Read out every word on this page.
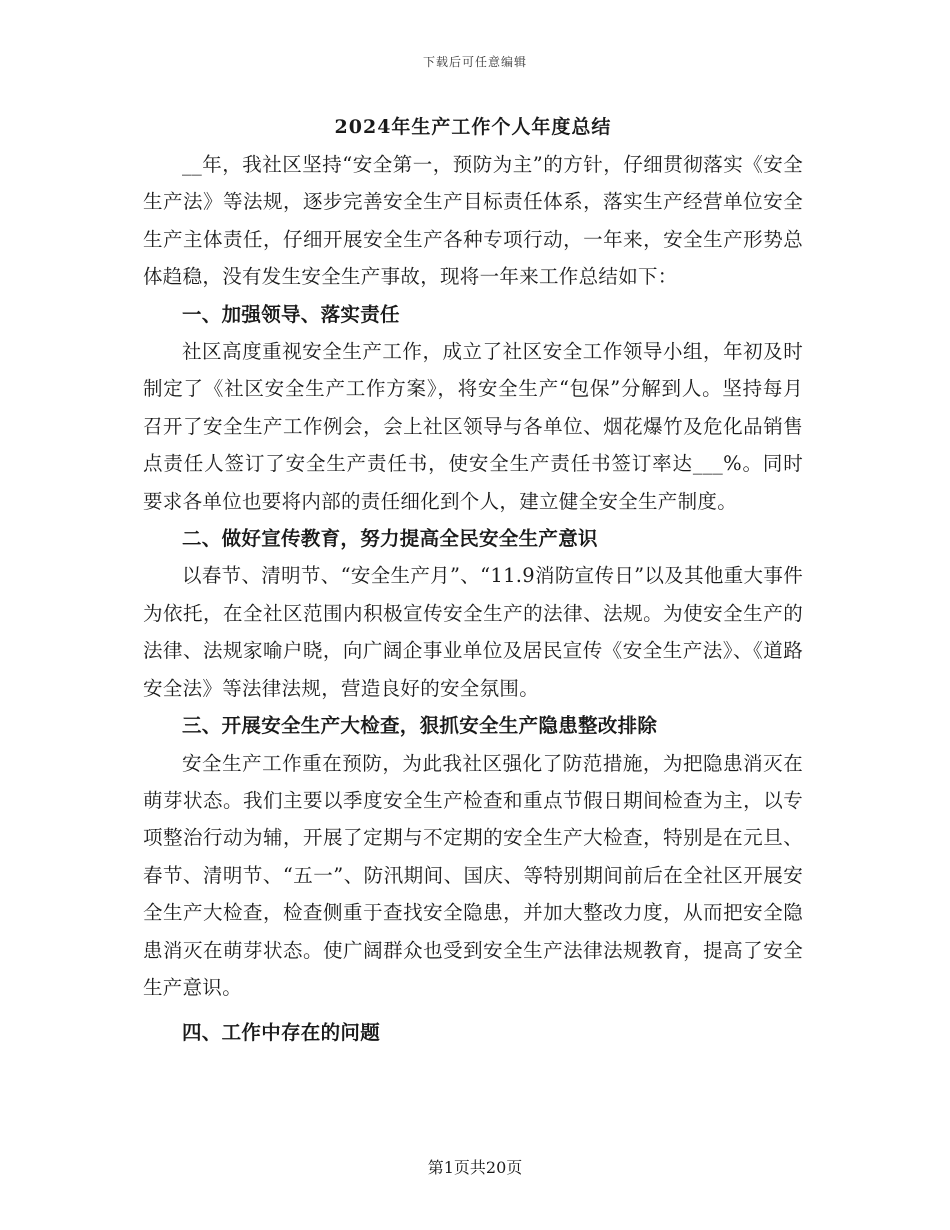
下载后可任意编辑
2024年生产工作个人年度总结

__年，我社区坚持“安全第一，预防为主”的方针，仔细贯彻落实《安全生产法》等法规，逐步完善安全生产目标责任体系，落实生产经营单位安全生产主体责任，仔细开展安全生产各种专项行动，一年来，安全生产形势总体趋稳，没有发生安全生产事故，现将一年来工作总结如下：

一、加强领导、落实责任

社区高度重视安全生产工作，成立了社区安全工作领导小组，年初及时制定了《社区安全生产工作方案》，将安全生产“包保”分解到人。坚持每月召开了安全生产工作例会，会上社区领导与各单位、烟花爆竹及危化品销售点责任人签订了安全生产责任书，使安全生产责任书签订率达___%。同时要求各单位也要将内部的责任细化到个人，建立健全安全生产制度。

二、做好宣传教育，努力提高全民安全生产意识

以春节、清明节、“安全生产月”、“11.9消防宣传日”以及其他重大事件为依托，在全社区范围内积极宣传安全生产的法律、法规。为使安全生产的法律、法规家喻户晓，向广阔企事业单位及居民宣传《安全生产法》、《道路安全法》等法律法规，营造良好的安全氛围。

三、开展安全生产大检查，狠抓安全生产隐患整改排除

安全生产工作重在预防，为此我社区强化了防范措施，为把隐患消灭在萌芽状态。我们主要以季度安全生产检查和重点节假日期间检查为主，以专项整治行动为辅，开展了定期与不定期的安全生产大检查，特别是在元旦、春节、清明节、“五一”、防汛期间、国庆、等特别期间前后在全社区开展安全生产大检查，检查侧重于查找安全隐患，并加大整改力度，从而把安全隐患消灭在萌芽状态。使广阔群众也受到安全生产法律法规教育，提高了安全生产意识。

四、工作中存在的问题
第1页共20页
